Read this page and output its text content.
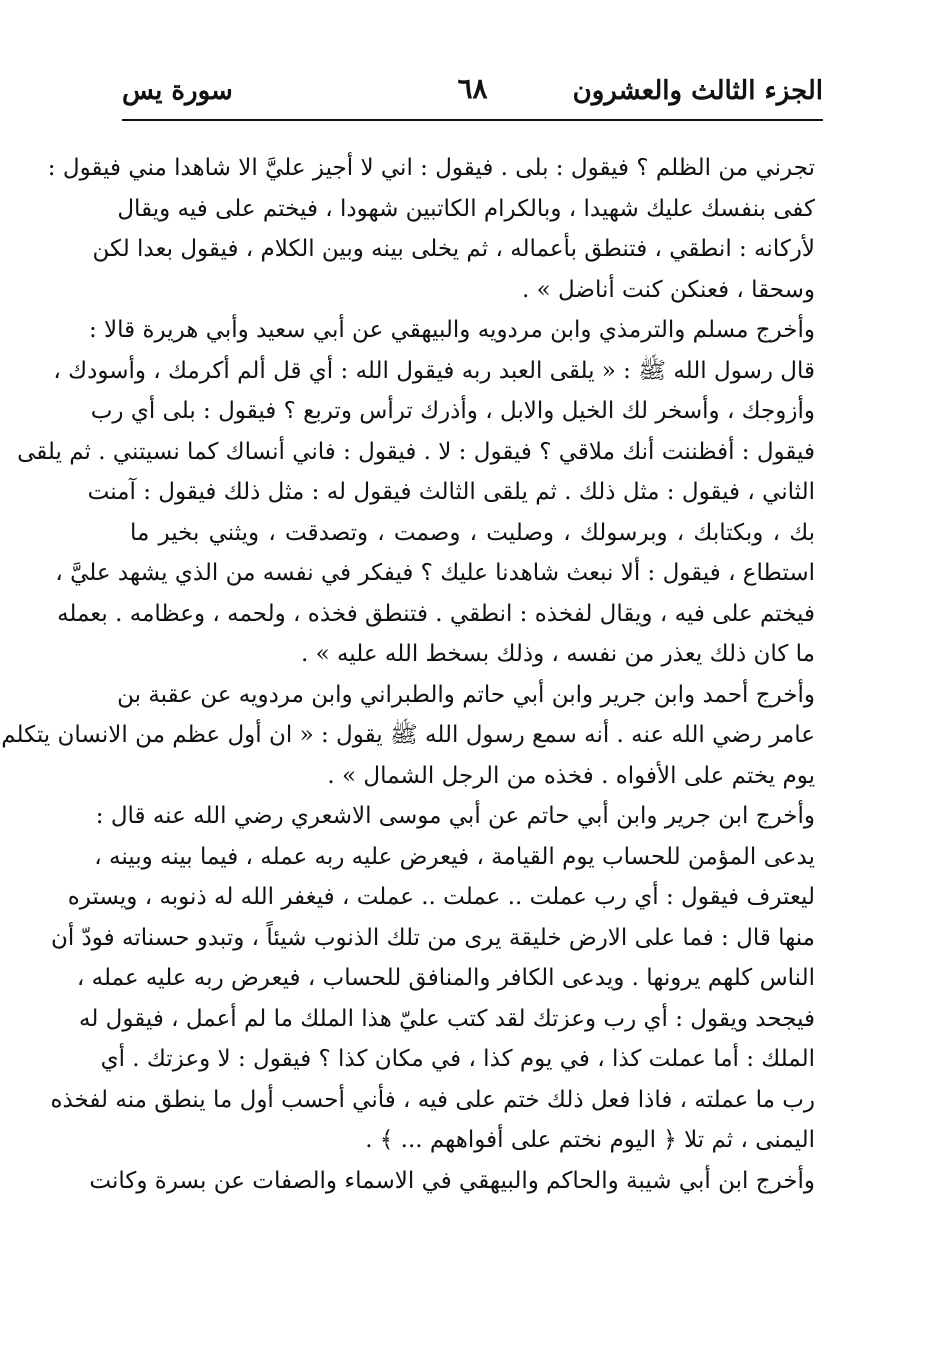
الجزء الثالث والعشرون
٦٨
سورة يس
تجرني من الظلم ؟ فيقول : بلى . فيقول : اني لا أجيز عليَّ الا شاهدا مني فيقول :
كفى بنفسك عليك شهيدا ، وبالكرام الكاتبين شهودا ، فيختم على فيه ويقال
لأركانه : انطقي ، فتنطق بأعماله ، ثم يخلى بينه وبين الكلام ، فيقول بعدا لكن
وسحقا ، فعنكن كنت أناضل » .
وأخرج مسلم والترمذي وابن مردويه والبيهقي عن أبي سعيد وأبي هريرة قالا :
قال رسول الله ﷺ : « يلقى العبد ربه فيقول الله : أي قل ألم أكرمك ، وأسودك ،
وأزوجك ، وأسخر لك الخيل والابل ، وأذرك ترأس وتربع ؟ فيقول : بلى أي رب
فيقول : أفظننت أنك ملاقي ؟ فيقول : لا . فيقول : فاني أنساك كما نسيتني . ثم يلقى
الثاني ، فيقول : مثل ذلك . ثم يلقى الثالث فيقول له : مثل ذلك فيقول : آمنت
بك ، وبكتابك ، وبرسولك ، وصليت ، وصمت ، وتصدقت ، ويثني بخير ما
استطاع ، فيقول : ألا نبعث شاهدنا عليك ؟ فيفكر في نفسه من الذي يشهد عليَّ ،
فيختم على فيه ، ويقال لفخذه : انطقي . فتنطق فخذه ، ولحمه ، وعظامه . بعمله
ما كان ذلك يعذر من نفسه ، وذلك بسخط الله عليه » .
وأخرج أحمد وابن جرير وابن أبي حاتم والطبراني وابن مردويه عن عقبة بن
عامر رضي الله عنه . أنه سمع رسول الله ﷺ يقول : « ان أول عظم من الانسان يتكلم
يوم يختم على الأفواه . فخذه من الرجل الشمال » .
وأخرج ابن جرير وابن أبي حاتم عن أبي موسى الاشعري رضي الله عنه قال :
يدعى المؤمن للحساب يوم القيامة ، فيعرض عليه ربه عمله ، فيما بينه وبينه ،
ليعترف فيقول : أي رب عملت .. عملت .. عملت ، فيغفر الله له ذنوبه ، ويستره
منها قال : فما على الارض خليقة يرى من تلك الذنوب شيئاً ، وتبدو حسناته فودّ أن
الناس كلهم يرونها . ويدعى الكافر والمنافق للحساب ، فيعرض ربه عليه عمله ،
فيجحد ويقول : أي رب وعزتك لقد كتب عليّ هذا الملك ما لم أعمل ، فيقول له
الملك : أما عملت كذا ، في يوم كذا ، في مكان كذا ؟ فيقول : لا وعزتك . أي
رب ما عملته ، فاذا فعل ذلك ختم على فيه ، فأني أحسب أول ما ينطق منه لفخذه
اليمنى ، ثم تلا ﴿ اليوم نختم على أفواههم ... ﴾ .
وأخرج ابن أبي شيبة والحاكم والبيهقي في الاسماء والصفات عن بسرة وكانت
